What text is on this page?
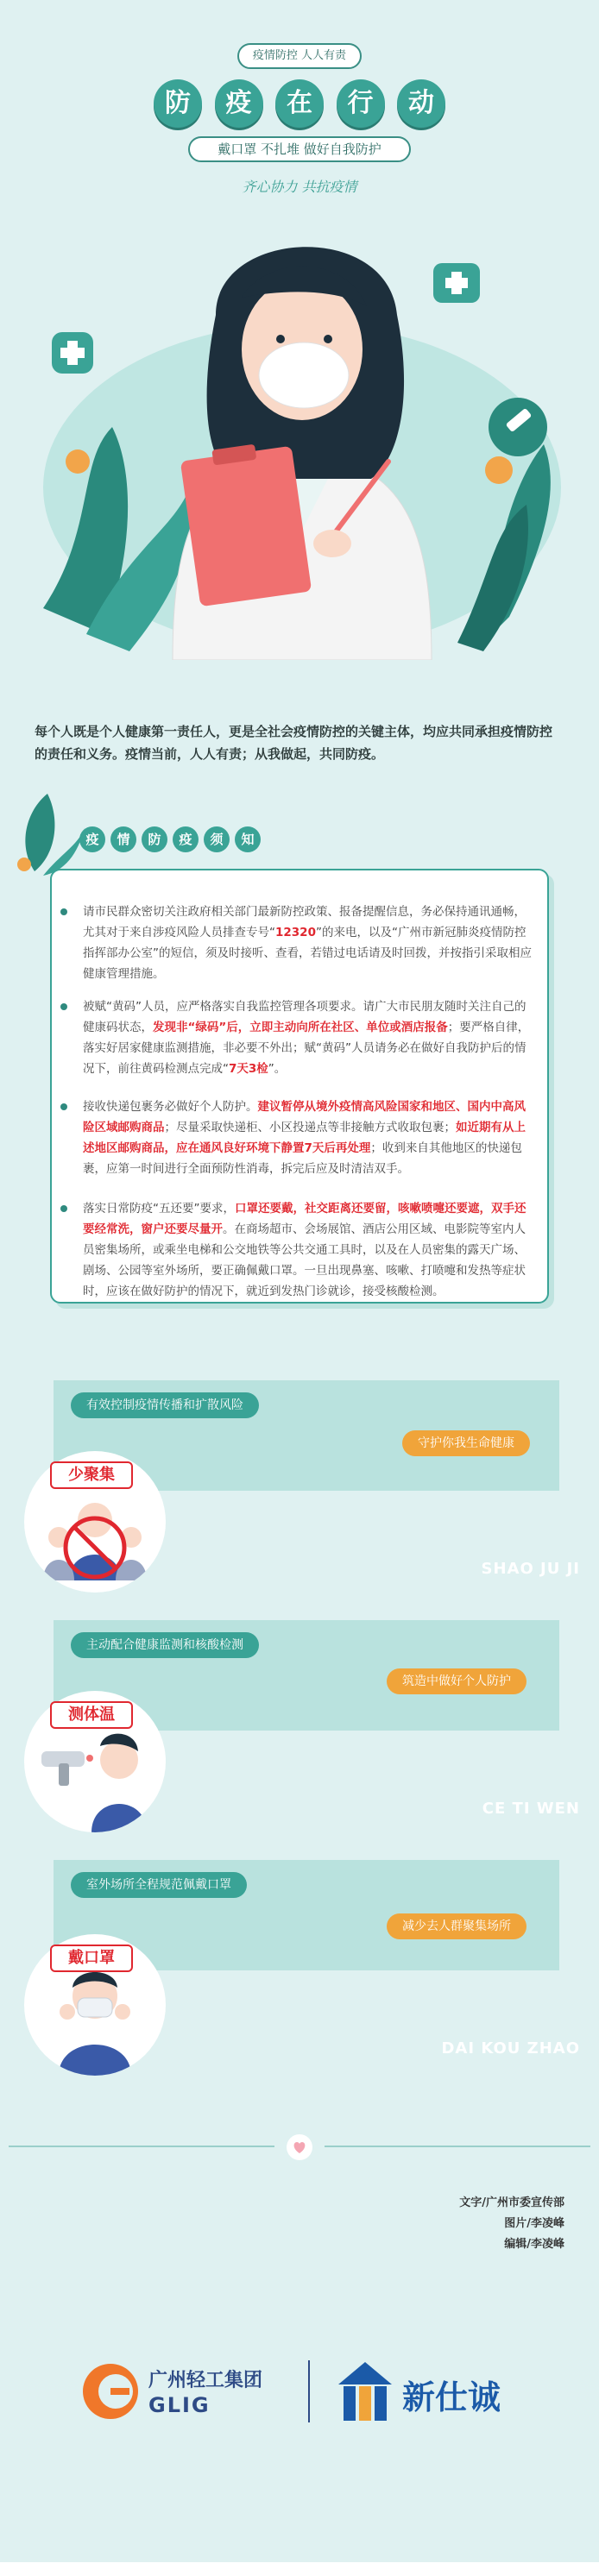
疫情防控 人人有责
防	疫	在	行	动
戴口罩 不扎堆 做好自我防护
齐心协力 共抗疫情

每个人既是个人健康第一责任人，更是全社会疫情防控的关键主体，均应共同承担疫情防控的责任和义务。疫情当前，人人有责；从我做起，共同防疫。

疫	情	防	疫	须	知

请市民群众密切关注政府相关部门最新防控政策、报备提醒信息，务必保持通讯通畅，尤其对于来自涉疫风险人员排查专号“12320”的来电，以及“广州市新冠肺炎疫情防控指挥部办公室”的短信，须及时接听、查看，若错过电话请及时回拨，并按指引采取相应健康管理措施。

被赋“黄码”人员，应严格落实自我监控管理各项要求。请广大市民朋友随时关注自己的健康码状态，发现非“绿码”后，立即主动向所在社区、单位或酒店报备；要严格自律，落实好居家健康监测措施，非必要不外出；赋“黄码”人员请务必在做好自我防护后的情况下，前往黄码检测点完成“7天3检”。

接收快递包裹务必做好个人防护。建议暂停从境外疫情高风险国家和地区、国内中高风险区域邮购商品；尽量采取快递柜、小区投递点等非接触方式收取包裹；如近期有从上述地区邮购商品，应在通风良好环境下静置7天后再处理；收到来自其他地区的快递包裹，应第一时间进行全面预防性消毒，拆完后应及时清洁双手。

落实日常防疫“五还要”要求，口罩还要戴，社交距离还要留，咳嗽喷嚏还要遮，双手还要经常洗，窗户还要尽量开。在商场超市、会场展馆、酒店公用区域、电影院等室内人员密集场所，或乘坐电梯和公交地铁等公共交通工具时，以及在人员密集的露天广场、剧场、公园等室外场所，要正确佩戴口罩。一旦出现鼻塞、咳嗽、打喷嚏和发热等症状时，应该在做好防护的情况下，就近到发热门诊就诊，接受核酸检测。

有效控制疫情传播和扩散风险
守护你我生命健康
少聚集
SHAO JU JI
主动配合健康监测和核酸检测
筑造中做好个人防护
测体温
CE TI WEN
室外场所全程规范佩戴口罩
减少去人群聚集场所
戴口罩
DAI KOU ZHAO
文字/广州市委宣传部
图片/李凌峰
编辑/李凌峰
广州轻工集团
GLIG	新仕诚
